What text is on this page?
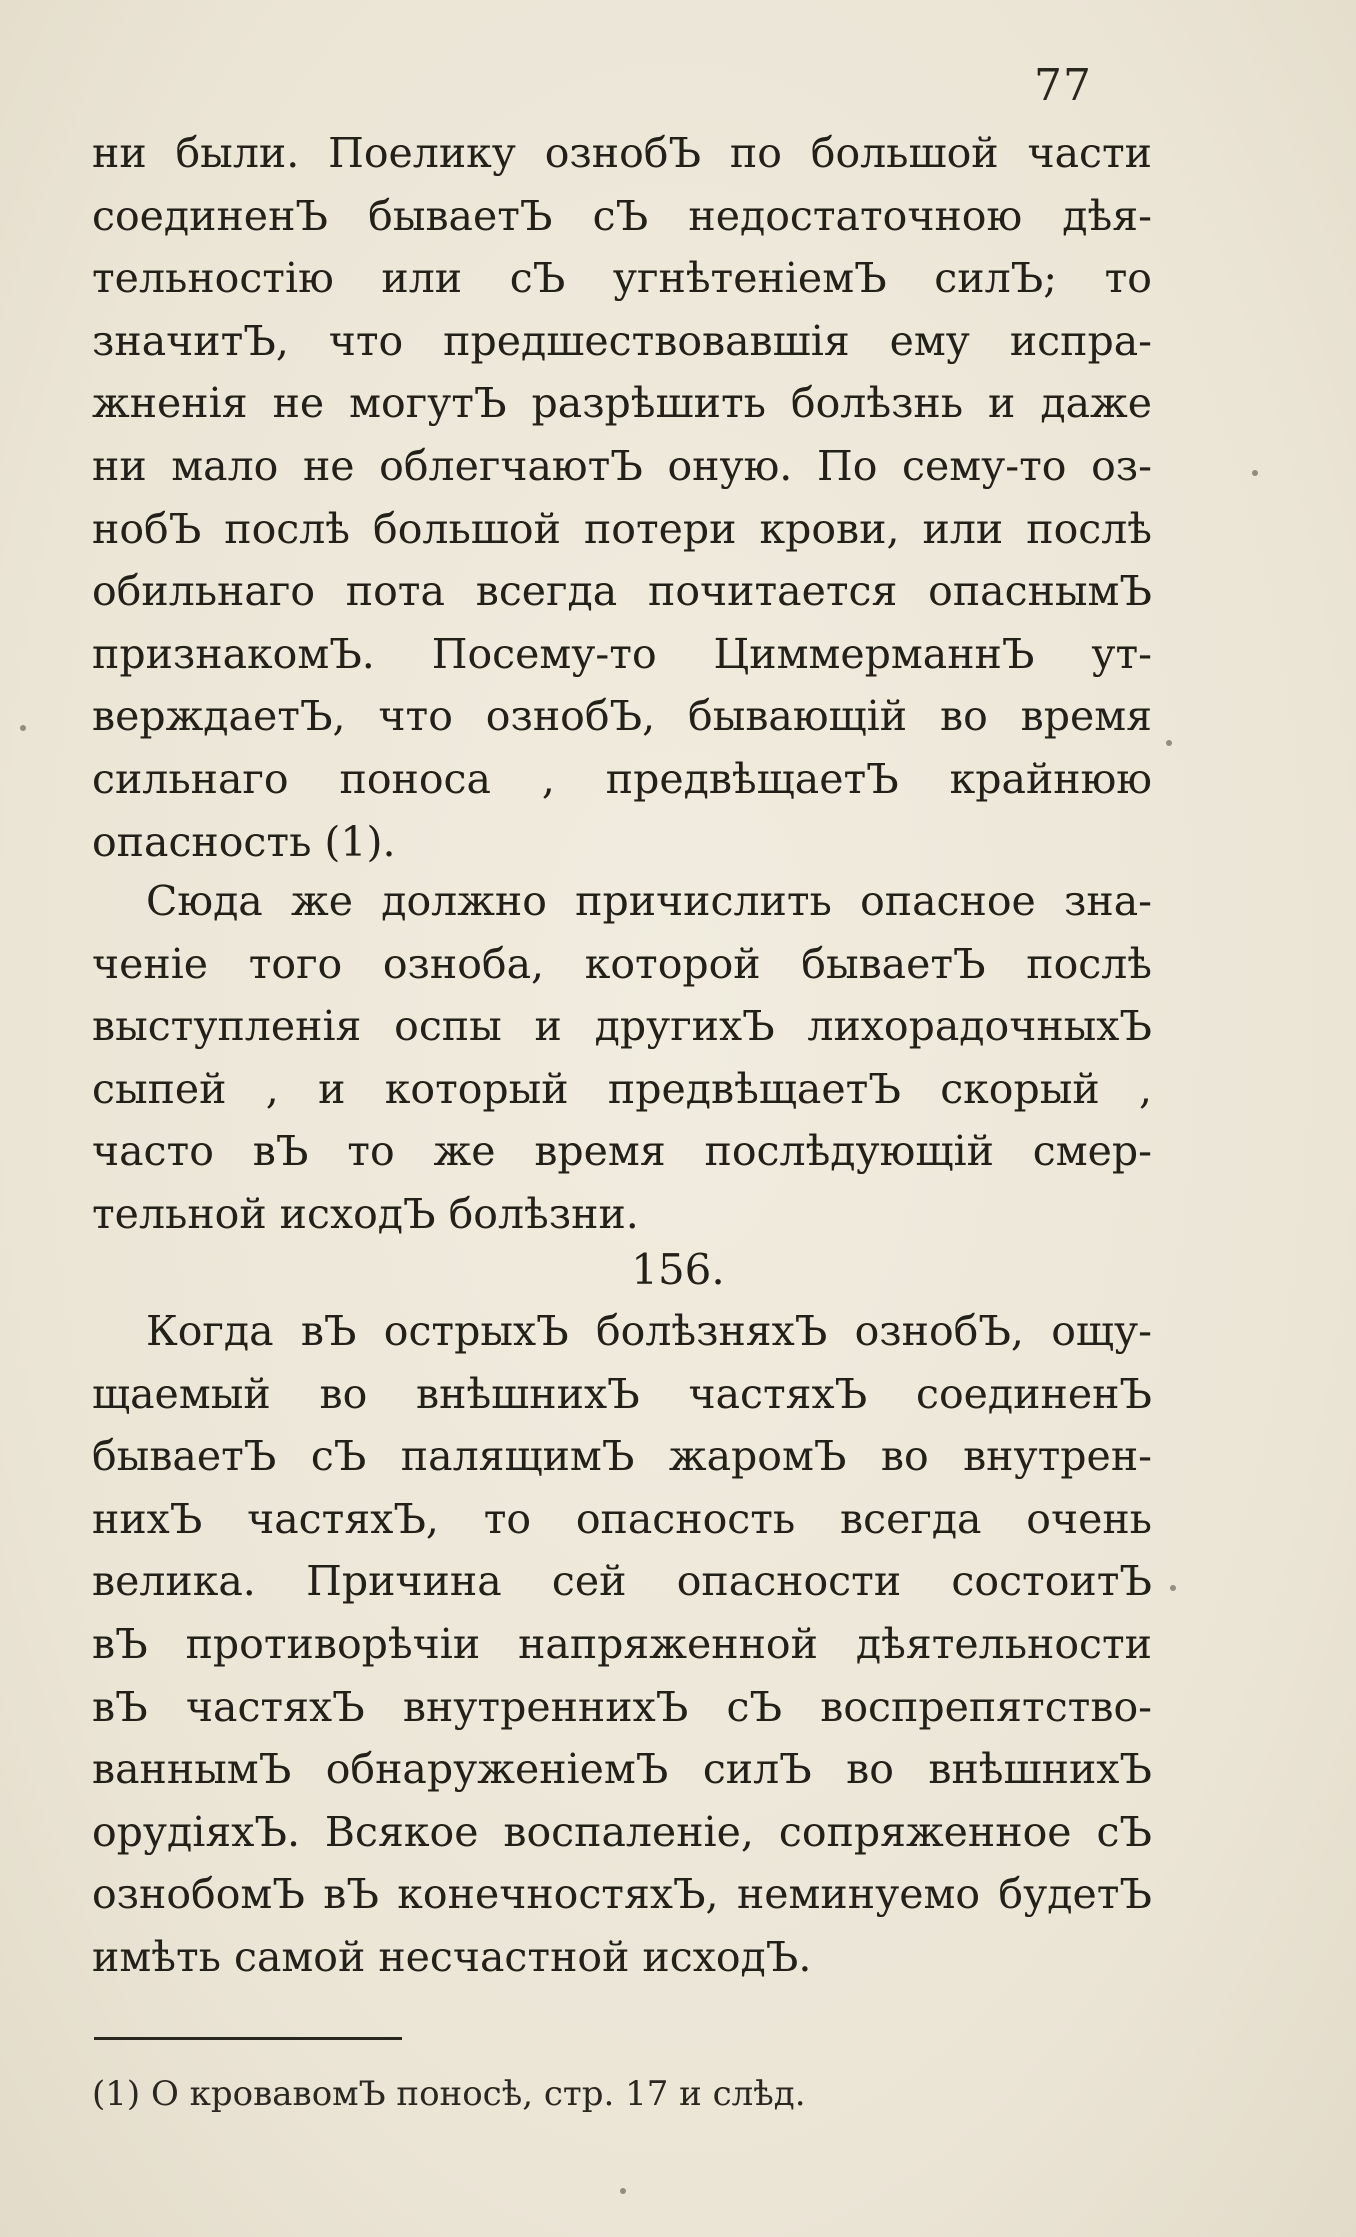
77
ни были. Поелику ознобЪ по большой части
соединенЪ бываетЪ сЪ недостаточною дѣя-
тельностію или сЪ угнѣтеніемЪ силЪ; то
значитЪ, что предшествовавшія ему испра-
жненія не могутЪ разрѣшить болѣзнь и даже
ни мало не облегчаютЪ оную. По сему-то оз-
нобЪ послѣ большой потери крови, или послѣ
обильнаго пота всегда почитается опаснымЪ
признакомЪ. Посему-то ЦиммерманнЪ ут-
верждаетЪ, что ознобЪ, бывающій во время
сильнаго поноса , предвѣщаетЪ крайнюю
опасность (1).
Сюда же должно причислить опасное зна-
ченіе того озноба, которой бываетЪ послѣ
выступленія оспы и другихЪ лихорадочныхЪ
сыпей , и который предвѣщаетЪ скорый ,
часто вЪ то же время послѣдующій смер-
тельной исходЪ болѣзни.
156.
Когда вЪ острыхЪ болѣзняхЪ ознобЪ, ощу-
щаемый во внѣшнихЪ частяхЪ соединенЪ
бываетЪ сЪ палящимЪ жаромЪ во внутрен-
нихЪ частяхЪ, то опасность всегда очень
велика. Причина сей опасности состоитЪ
вЪ противорѣчіи напряженной дѣятельности
вЪ частяхЪ внутреннихЪ сЪ воспрепятство-
ваннымЪ обнаруженіемЪ силЪ во внѣшнихЪ
орудіяхЪ. Всякое воспаленіе, сопряженное сЪ
ознобомЪ вЪ конечностяхЪ, неминуемо будетЪ
имѣть самой несчастной исходЪ.
(1) О кровавомЪ поносѣ, стр. 17 и слѣд.
